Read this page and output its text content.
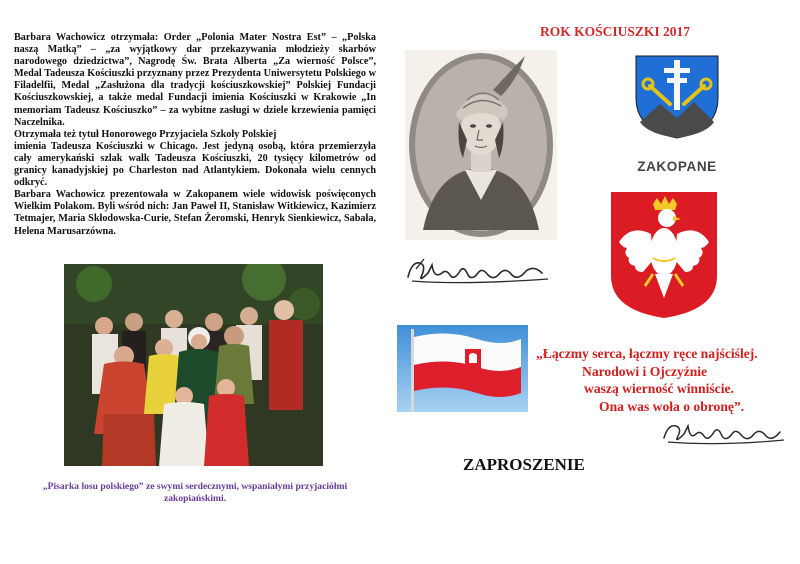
Barbara Wachowicz otrzymała: Order „Polonia Mater Nostra Est” – „Polska naszą Matką” – „za wyjątkowy dar przekazywania młodzieży skarbów narodowego dziedzictwa”, Nagrodę Św. Brata Alberta „Za wierność Polsce”, Medal Tadeusza Kościuszki przyznany przez Prezydenta Uniwersytetu Polskiego w Filadelfii, Medal „Zasłużona dla tradycji kościuszkowskiej” Polskiej Fundacji Kościuszkowskiej, a także medal Fundacji imienia Kościuszki w Krakowie „In memoriam Tadeusz Kościuszko” – za wybitne zasługi w dziele krzewienia pamięci Naczelnika.

Otrzymała też tytuł Honorowego Przyjaciela Szkoły Polskiej

imienia Tadeusza Kościuszki w Chicago. Jest jedyną osobą, która przemierzyła cały amerykański szlak walk Tadeusza Kościuszki, 20 tysięcy kilometrów od granicy kanadyjskiej po Charleston nad Atlantykiem. Dokonała wielu cennych odkryć.

Barbara Wachowicz prezentowała w Zakopanem wiele widowisk poświęconych Wielkim Polakom. Byli wśród nich: Jan Paweł II, Stanisław Witkiewicz, Kazimierz Tetmajer, Maria Skłodowska-Curie, Stefan Żeromski, Henryk Sienkiewicz, Sabała, Helena Marusarzówna.

„Pisarka losu polskiego” ze swymi serdecznymi, wspaniałymi przyjaciółmi zakopiańskimi.
ROK KOŚCIUSZKI 2017
ZAKOPANE
„Łączmy serca, łączmy ręce najściślej.
Narodowi i Ojczyźnie
waszą wierność winniście.
Ona was woła o obronę”.
ZAPROSZENIE
